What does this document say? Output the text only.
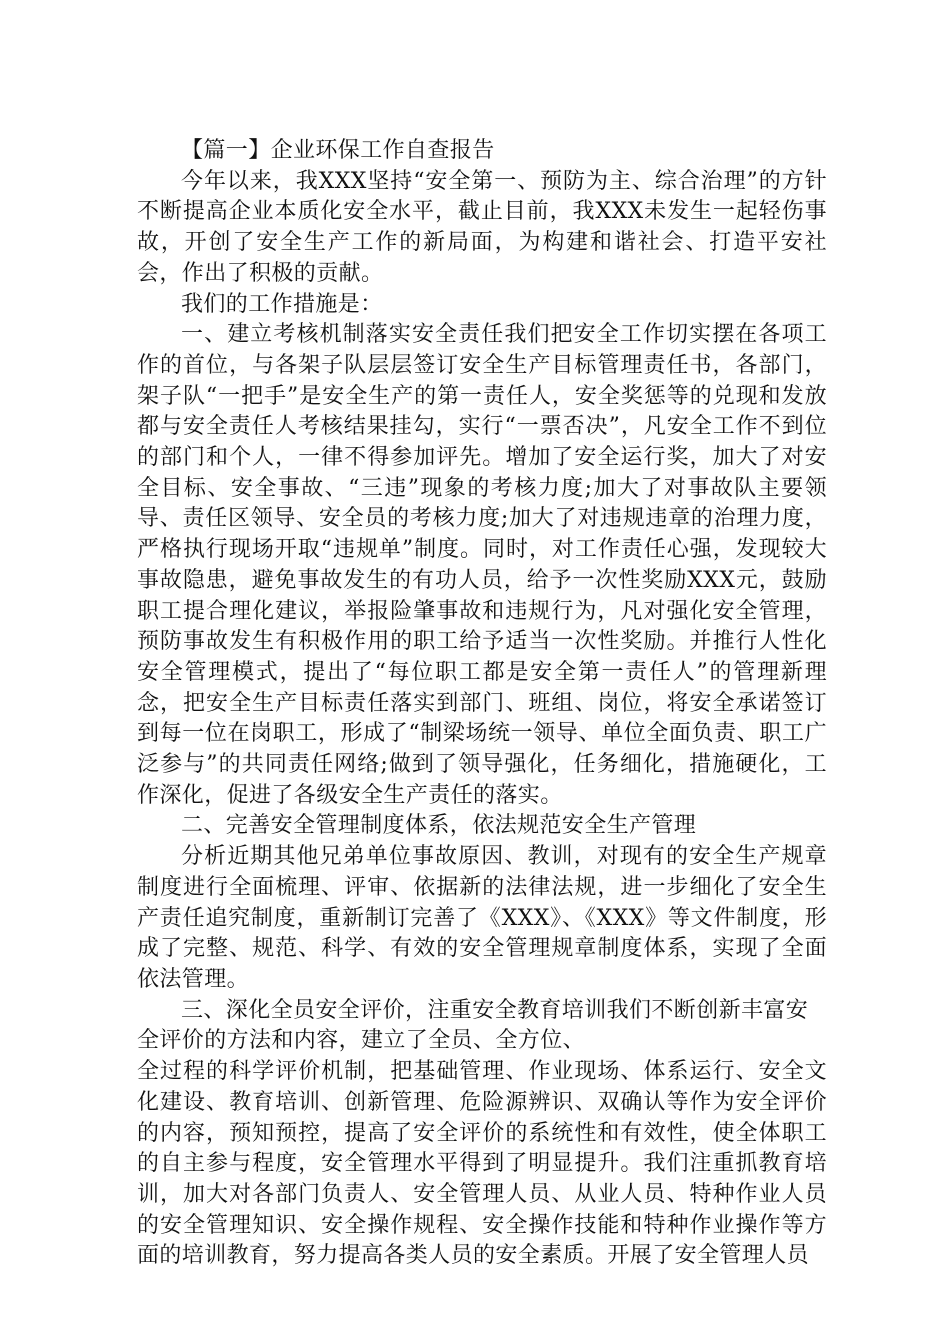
【篇一】企业环保工作自查报告

今年以来，我XXX坚持“安全第一、预防为主、综合治理”的方针不断提高企业本质化安全水平，截止目前，我XXX未发生一起轻伤事故，开创了安全生产工作的新局面，为构建和谐社会、打造平安社会，作出了积极的贡献。

我们的工作措施是：

一、建立考核机制落实安全责任我们把安全工作切实摆在各项工作的首位，与各架子队层层签订安全生产目标管理责任书，各部门，架子队“一把手”是安全生产的第一责任人，安全奖惩等的兑现和发放都与安全责任人考核结果挂勾，实行“一票否决”，凡安全工作不到位的部门和个人，一律不得参加评先。增加了安全运行奖，加大了对安全目标、安全事故、“三违”现象的考核力度;加大了对事故队主要领导、责任区领导、安全员的考核力度;加大了对违规违章的治理力度，严格执行现场开取“违规单”制度。同时，对工作责任心强，发现较大事故隐患，避免事故发生的有功人员，给予一次性奖励XXX元，鼓励职工提合理化建议，举报险肇事故和违规行为，凡对强化安全管理，预防事故发生有积极作用的职工给予适当一次性奖励。并推行人性化安全管理模式，提出了“每位职工都是安全第一责任人”的管理新理念，把安全生产目标责任落实到部门、班组、岗位，将安全承诺签订到每一位在岗职工，形成了“制梁场统一领导、单位全面负责、职工广泛参与”的共同责任网络;做到了领导强化，任务细化，措施硬化，工作深化，促进了各级安全生产责任的落实。

二、完善安全管理制度体系，依法规范安全生产管理

分析近期其他兄弟单位事故原因、教训，对现有的安全生产规章制度进行全面梳理、评审、依据新的法律法规，进一步细化了安全生产责任追究制度，重新制订完善了《XXX》、《XXX》等文件制度，形成了完整、规范、科学、有效的安全管理规章制度体系，实现了全面依法管理。

三、深化全员安全评价，注重安全教育培训我们不断创新丰富安

全评价的方法和内容，建立了全员、全方位、

全过程的科学评价机制，把基础管理、作业现场、体系运行、安全文化建设、教育培训、创新管理、危险源辨识、双确认等作为安全评价的内容，预知预控，提高了安全评价的系统性和有效性，使全体职工的自主参与程度，安全管理水平得到了明显提升。我们注重抓教育培训，加大对各部门负责人、安全管理人员、从业人员、特种作业人员的安全管理知识、安全操作规程、安全操作技能和特种作业操作等方面的培训教育，努力提高各类人员的安全素质。开展了安全管理人员
